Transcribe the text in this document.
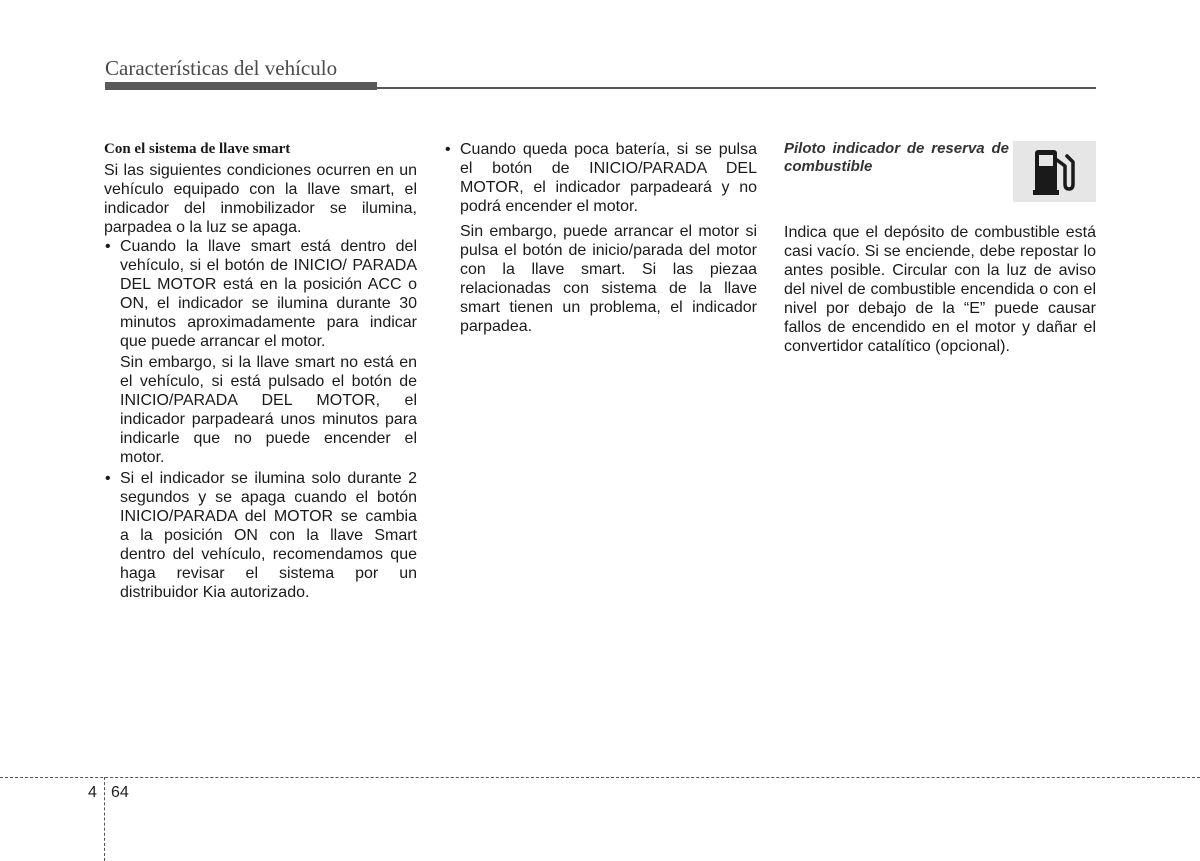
Características del vehículo

Con el sistema de llave smart

Si las siguientes condiciones ocurren en un vehículo equipado con la llave smart, el indicador del inmobilizador se ilumina, parpadea o la luz se apaga.

• Cuando la llave smart está dentro del vehículo, si el botón de INICIO/ PARADA DEL MOTOR está en la posición ACC o ON, el indicador se ilumina durante 30 minutos aproximadamente para indicar que puede arrancar el motor.

Sin embargo, si la llave smart no está en el vehículo, si está pulsado el botón de INICIO/PARADA DEL MOTOR, el indicador parpadeará unos minutos para indicarle que no puede encender el motor.

• Si el indicador se ilumina solo durante 2 segundos y se apaga cuando el botón INICIO/PARADA del MOTOR se cambia a la posición ON con la llave Smart dentro del vehículo, recomendamos que haga revisar el sistema por un distribuidor Kia autorizado.

• Cuando queda poca batería, si se pulsa el botón de INICIO/PARADA DEL MOTOR, el indicador parpadeará y no podrá encender el motor.

Sin embargo, puede arrancar el motor si pulsa el botón de inicio/parada del motor con la llave smart. Si las piezaa relacionadas con sistema de la llave smart tienen un problema, el indicador parpadea.

Piloto indicador de reserva de combustible

Indica que el depósito de combustible está casi vacío. Si se enciende, debe repostar lo antes posible. Circular con la luz de aviso del nivel de combustible encendida o con el nivel por debajo de la “E” puede causar fallos de encendido en el motor y dañar el convertidor catalítico (opcional).

4 64
